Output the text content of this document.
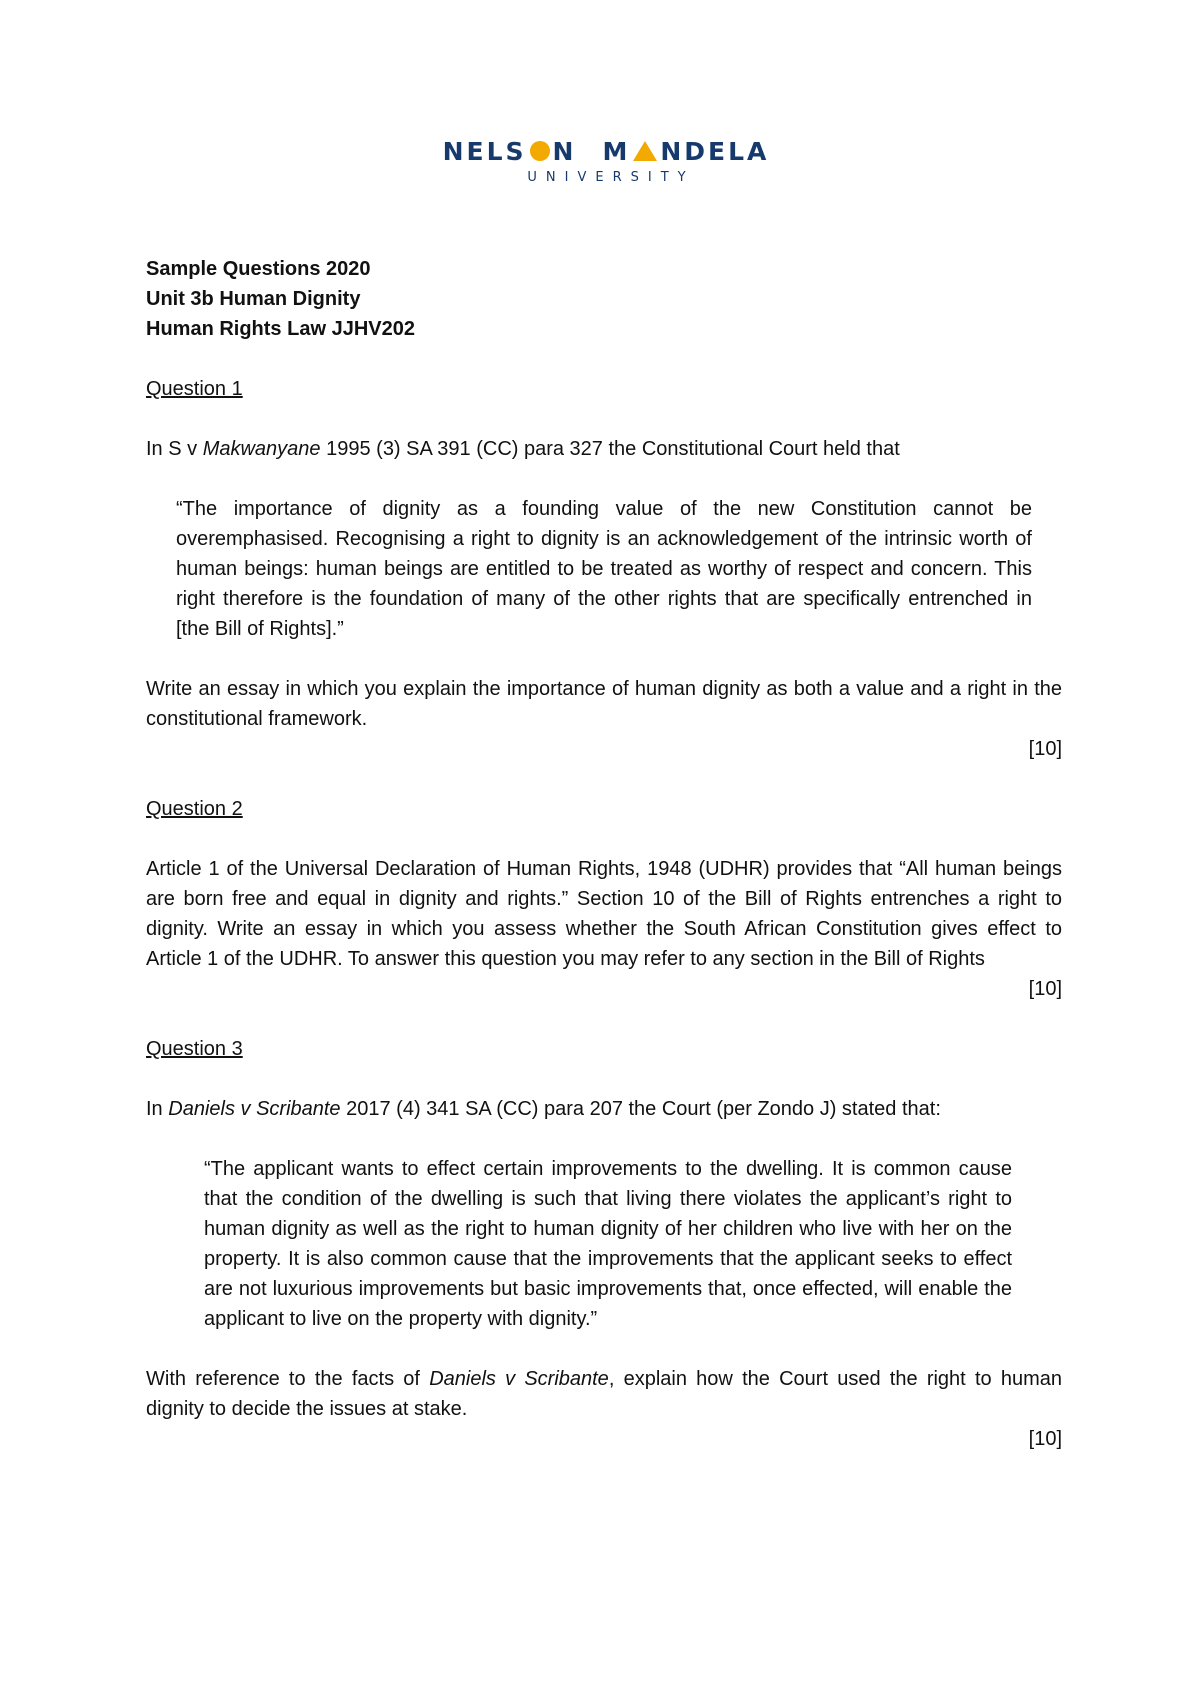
NELS N M NDELA
UNIVERSITY

Sample Questions 2020

Unit 3b Human Dignity

Human Rights Law JJHV202

Question 1

In S v Makwanyane 1995 (3) SA 391 (CC) para 327 the Constitutional Court held that

“The importance of dignity as a founding value of the new Constitution cannot be overemphasised. Recognising a right to dignity is an acknowledgement of the intrinsic worth of human beings: human beings are entitled to be treated as worthy of respect and concern. This right therefore is the foundation of many of the other rights that are specifically entrenched in [the Bill of Rights].”

Write an essay in which you explain the importance of human dignity as both a value and a right in the constitutional framework.

[10]

Question 2

Article 1 of the Universal Declaration of Human Rights, 1948 (UDHR) provides that “All human beings are born free and equal in dignity and rights.” Section 10 of the Bill of Rights entrenches a right to dignity. Write an essay in which you assess whether the South African Constitution gives effect to Article 1 of the UDHR. To answer this question you may refer to any section in the Bill of Rights

[10]

Question 3

In Daniels v Scribante 2017 (4) 341 SA (CC) para 207 the Court (per Zondo J) stated that:

“The applicant wants to effect certain improvements to the dwelling. It is common cause that the condition of the dwelling is such that living there violates the applicant’s right to human dignity as well as the right to human dignity of her children who live with her on the property. It is also common cause that the improvements that the applicant seeks to effect are not luxurious improvements but basic improvements that, once effected, will enable the applicant to live on the property with dignity.”

With reference to the facts of Daniels v Scribante, explain how the Court used the right to human dignity to decide the issues at stake.

[10]
